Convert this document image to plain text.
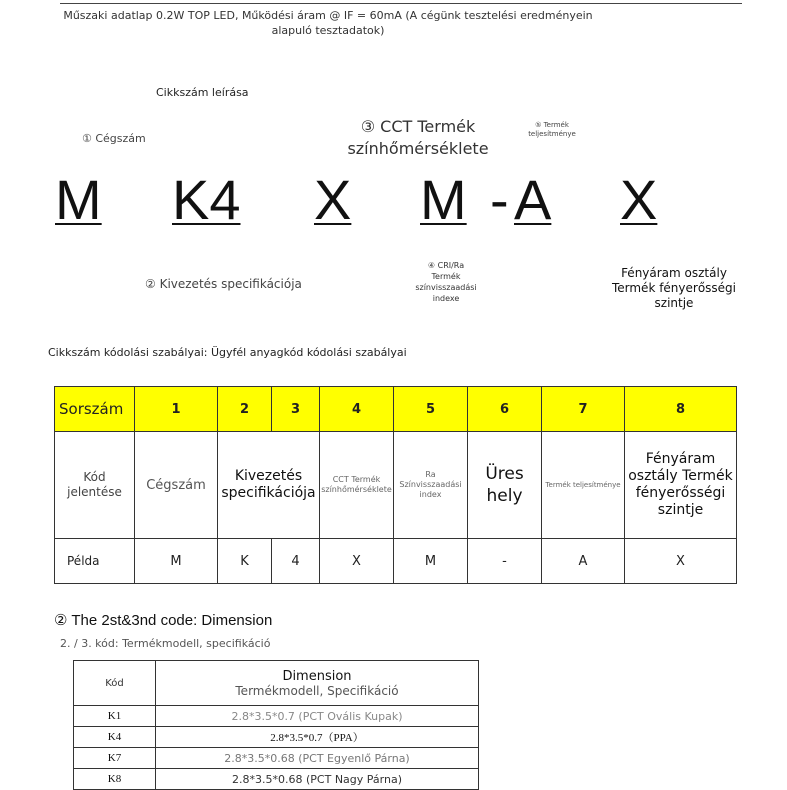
Műszaki adatlap 0.2W TOP LED, Működési áram @ IF = 60mA (A cégünk tesztelési eredményein alapuló tesztadatok)
Cikkszám leírása
① Cégszám
③ CCT Termék színhőmérséklete
⑤ Termék teljesítménye
M K4 X M - A X
② Kivezetés specifikációja
④ CRI/Ra
Termék színvisszaadási indexe
Fényáram osztály Termék fényerősségi szintje
Cikkszám kódolási szabályai: Ügyfél anyagkód kódolási szabályai
Sorszám	1	2	3	4	5	6	7	8
Kód jelentése	Cégszám	Kivezetés specifikációja		CCT Termék színhőmérséklete	Ra Színvisszaadási index	Üres hely	Termék teljesítménye	Fényáram osztály Termék fényerősségi szintje
Példa	M	K	4	X	M	-	A	X
② The 2st&3nd code: Dimension
2. / 3. kód: Termékmodell, specifikáció
Kód	Dimension
Termékmodell, Specifikáció

K1	2.8*3.5*0.7 (PCT Ovális Kupak)
K4	2.8*3.5*0.7（PPA）
K7	2.8*3.5*0.68 (PCT Egyenlő Párna)
K8	2.8*3.5*0.68 (PCT Nagy Párna)
